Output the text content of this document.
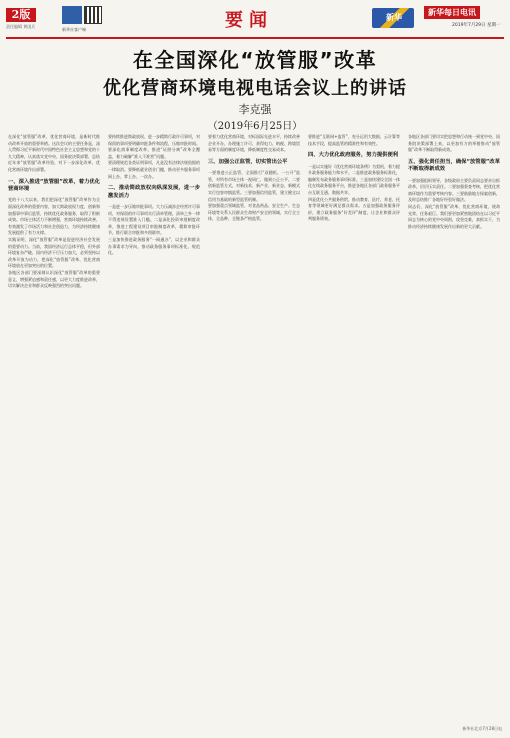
2版
责任编辑 黄国兵
新华社客户端	要闻	新华
新华每日电讯
2019年7月29日 星期一
在全国深化“放管服”改革
优化营商环境电视电话会议上的讲话
李克强
（2019年6月25日）

在深化“放管服”改革，优化营商环境，是新时代推动改革开放的重要举措。这次会议的主要任务是，深入贯彻习近平新时代中国特色社会主义思想和党的十九大精神，认真落实党中央、国务院决策部署，总结近年来“放管服”改革经验，对下一步深化改革、优化营商环境作出部署。

一、深入推进“放管服”改革，着力优化营商环境

党的十八大以来，我们把深化“放管服”改革作为全面深化改革的重要内容，加大简政放权力度，创新和加强事中事后监管，持续优化政务服务，取得了积极成效。市场主体活力不断增强，营商环境持续改善，有效激发了市场活力和社会创造力，为经济持续健康发展提供了有力支撑。

实践证明，深化“放管服”改革是促进经济社会发展的重要动力。当前，我国经济运行总体平稳，但外部环境复杂严峻，国内经济下行压力加大，必须坚持以改革开放为动力，把深化“放管服”改革、优化营商环境放在更加突出的位置。

各地区各部门要深刻认识深化“放管服”改革的重要意义，增强紧迫感和责任感，以更大力度推进改革，切实解决企业和群众反映强烈的突出问题。

要持续推进简政放权，进一步精简行政许可事项，对保留的事项要明确审批条件和流程，压缩审批时间。要深化商事制度改革，推进“证照分离”改革全覆盖，着力破解“准入不准营”问题。

要清理规范各类证明事项，凡是没有法律法规依据的一律取消。要降低就业创业门槛，推动更多服务事项网上办、掌上办、一次办。

二、推动简政放权向纵深发展，进一步激发活力

一是进一步压缩审批事项。大力压减涉企经营许可事项，对保留的许可事项实行清单管理，清单之外一律不得违规设置准入门槛。二是深化投资审批制度改革，推进工程建设项目审批制度改革，精简审批环节，推行联合审批和多图联审。

三是加快推进政务服务“一网通办”，以企业和群众办事需求为导向，推动政务服务事项标准化、规范化。

要着力优化营商环境，对标国际先进水平，持续改善企业开办、办理施工许可、获得电力、纳税、跨境贸易等方面的制度环境，降低制度性交易成本。

三、加强公正监管，切实管出公平

一要推进公正监管，全面推行“双随机、一公开”监管，对所有市场主体一视同仁，做到公正公平。二要创新监管方式，对新技术、新产业、新业态、新模式实行包容审慎监管。三要加强信用监管，建立健全以信用为基础的新型监管机制。

要加强重点领域监管，对食品药品、安全生产、生态环境等关系人民群众生命财产安全的领域，实行全主体、全品种、全链条严格监管。

要推进“互联网+监管”，充分运用大数据、云计算等技术手段，提高监管的精准性和有效性。

四、大力优化政府服务，努力提供便利

一是以实施好《优化营商环境条例》为契机，着力提升政务服务能力和水平。二是推进政务服务标准化，编制发布政务服务事项标准。三是加快建设全国一体化在线政务服务平台，推进各地区各部门政务服务平台互联互通、数据共享。

四是优化公共服务供给，推动教育、医疗、养老、托育等领域更好满足群众需求。五是加强政务服务评价，建立政务服务“好差评”制度，让企业和群众评判服务绩效。

各地区各部门要切实把思想和行动统一到党中央、国务院决策部署上来，以更加有力的举措推动“放管服”改革不断取得新成效。

五、强化责任担当，确保“放管服”改革不断取得新成效

一要加强组织领导，各级政府主要负责同志要亲自抓改革，层层压实责任。二要加强督查考核，把优化营商环境作为重要考核内容。三要鼓励地方探索创新，及时总结推广各地好经验好做法。

同志们，深化“放管服”改革、优化营商环境，使命光荣、任务艰巨。我们要更加紧密地团结在以习近平同志为核心的党中央周围，攻坚克难，真抓实干，为推动经济持续健康发展作出新的更大贡献。

新华社北京7月28日电
